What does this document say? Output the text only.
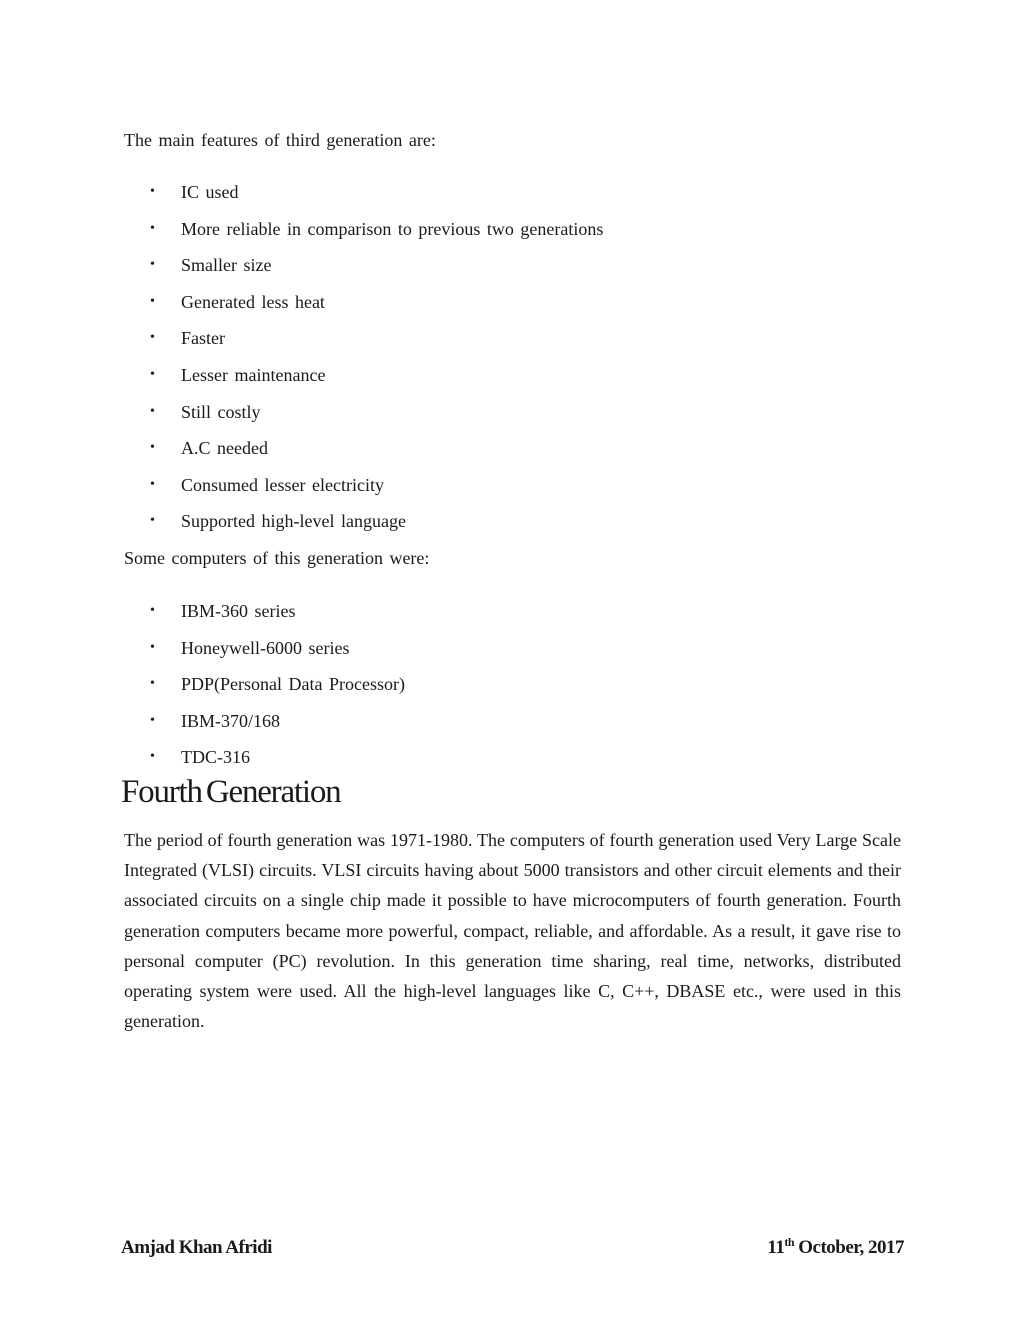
The main features of third generation are:

• IC used
• More reliable in comparison to previous two generations
• Smaller size
• Generated less heat
• Faster
• Lesser maintenance
• Still costly
• A.C needed
• Consumed lesser electricity
• Supported high-level language

Some computers of this generation were:

• IBM-360 series
• Honeywell-6000 series
• PDP(Personal Data Processor)
• IBM-370/168
• TDC-316
Fourth Generation

The period of fourth generation was 1971-1980. The computers of fourth generation used Very Large Scale Integrated (VLSI) circuits. VLSI circuits having about 5000 transistors and other circuit elements and their associated circuits on a single chip made it possible to have microcomputers of fourth generation. Fourth generation computers became more powerful, compact, reliable, and affordable. As a result, it gave rise to personal computer (PC) revolution. In this generation time sharing, real time, networks, distributed operating system were used. All the high-level languages like C, C++, DBASE etc., were used in this generation.

Amjad Khan Afridi	11th October, 2017
